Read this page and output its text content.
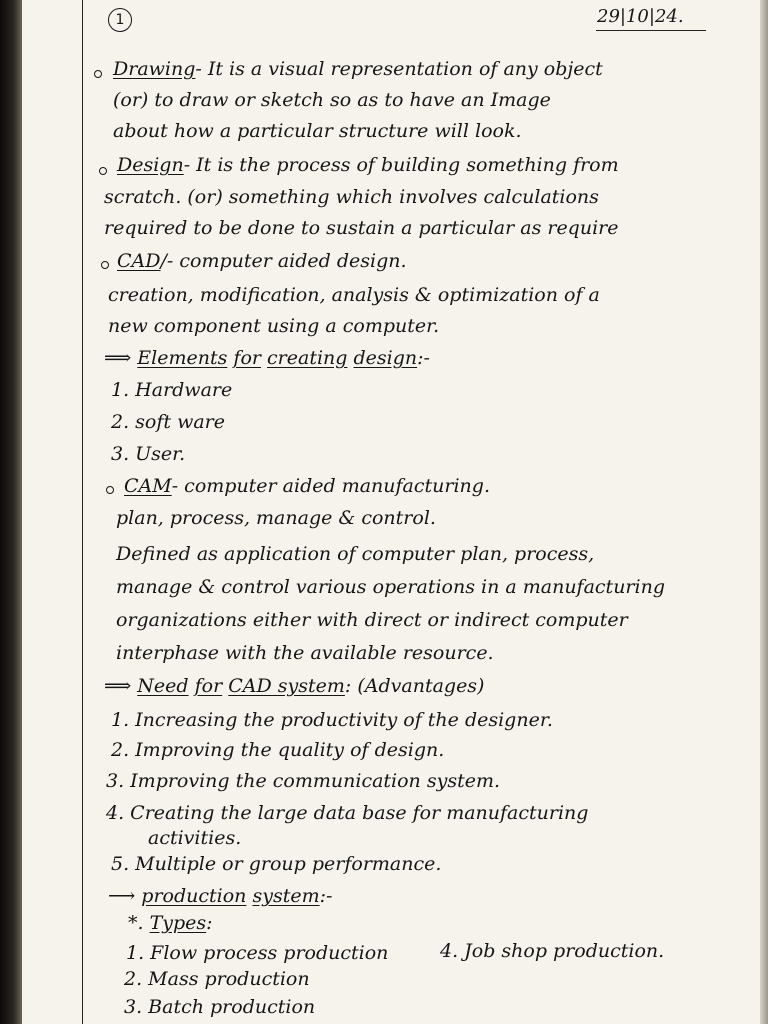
1	29|10|24.
Drawing- It is a visual representation of any object
(or) to draw or sketch so as to have an Image
about how a particular structure will look.
Design- It is the process of building something from
scratch. (or) something which involves calculations
required to be done to sustain a particular as require
CAD/- computer aided design.
creation, modification, analysis & optimization of a
new component using a computer.
⟹ Elements for creating design:-
1. Hardware
2. soft ware
3. User.
CAM- computer aided manufacturing.
plan, process, manage & control.
Defined as application of computer plan, process,
manage & control various operations in a manufacturing
organizations either with direct or indirect computer
interphase with the available resource.
⟹ Need for CAD system: (Advantages)
1. Increasing the productivity of the designer.
2. Improving the quality of design.
3. Improving the communication system.
4. Creating the large data base for manufacturing
activities.
5. Multiple or group performance.
⟶ production system:-
*. Types:
1. Flow process production	4. Job shop production.
2. Mass production
3. Batch production
